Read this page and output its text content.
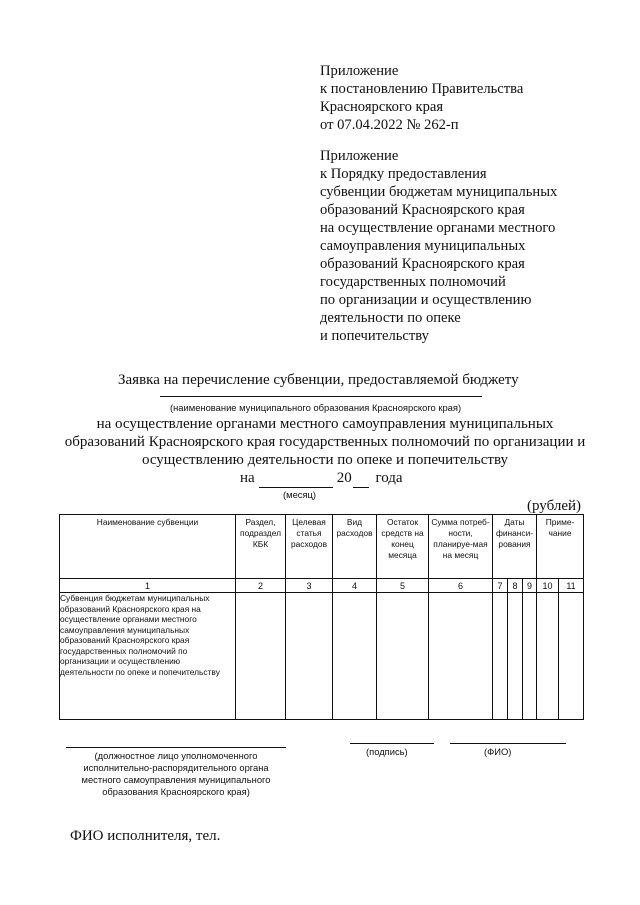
Приложение
к постановлению Правительства
Красноярского края
от 07.04.2022 № 262-п
Приложение
к Порядку предоставления
субвенции бюджетам муниципальных
образований Красноярского края
на осуществление органами местного
самоуправления муниципальных
образований Красноярского края
государственных полномочий
по организации и осуществлению
деятельности по опеке
и попечительству
Заявка на перечисление субвенции, предоставляемой бюджету
(наименование муниципального образования Красноярского края)
на осуществление органами местного самоуправления муниципальных образований Красноярского края государственных полномочий по организации и осуществлению деятельности по опеке и попечительству
на	20 года
(месяц)
(рублей)
Наименование субвенции	Раздел, подраздел КБК	Целевая статья расходов	Вид расходов	Остаток средств на конец месяца	Сумма потреб-ности, планируе-мая на месяц	Даты финанси-рования			Приме-чание	
1	2	3	4	5	6	7	8	9	10	11
Субвенция бюджетам муниципальных образований Красноярского края на осуществление органами местного самоуправления муниципальных образований Красноярского края государственных полномочий по организации и осуществлению деятельности по опеке и попечительству										
(должностное лицо уполномоченного исполнительно-распорядительного органа местного самоуправления муниципального образования Красноярского края)
(подпись)	(ФИО)
ФИО исполнителя, тел.
